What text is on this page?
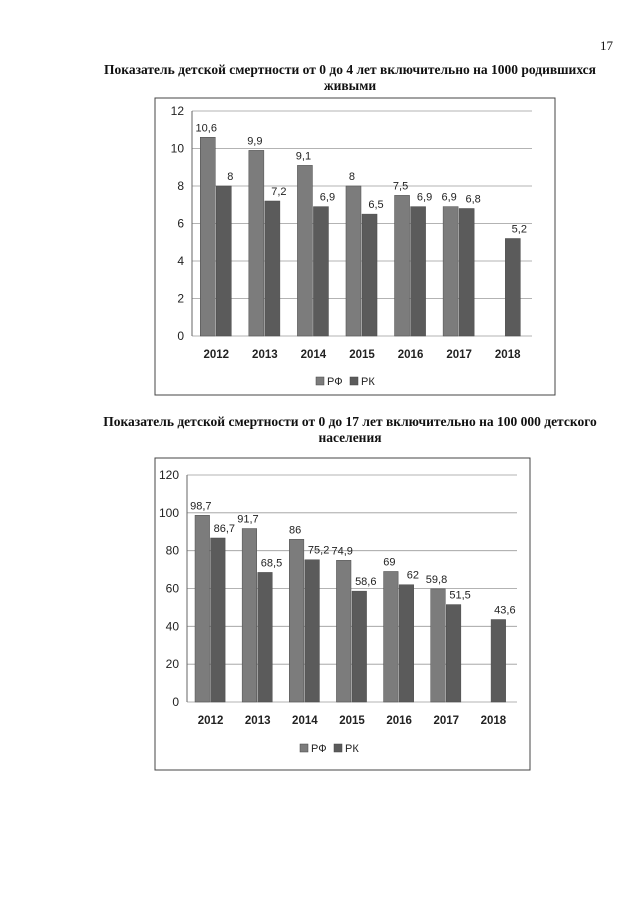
17
Показатель детской смертности от 0 до 4 лет включительно на 1000 родившихся живыми
Показатель детской смертности от 0 до 17 лет включительно на 100 000 детского населения
0
2
4
6
8
10
12
10,6
8
2012
9,9
7,2
2013
9,1
6,9
2014
8
6,5
2015
7,5
6,9
2016
6,9 6,8
2017
5,2
2018
РФ РК
0
20
40
60
80
100
120
98,7
86,7
2012
91,7
68,5
2013
86
75,2
2014
74,9
58,6
2015
69
62
2016
59,8
51,5
2017
43,6
2018
РФ РК
